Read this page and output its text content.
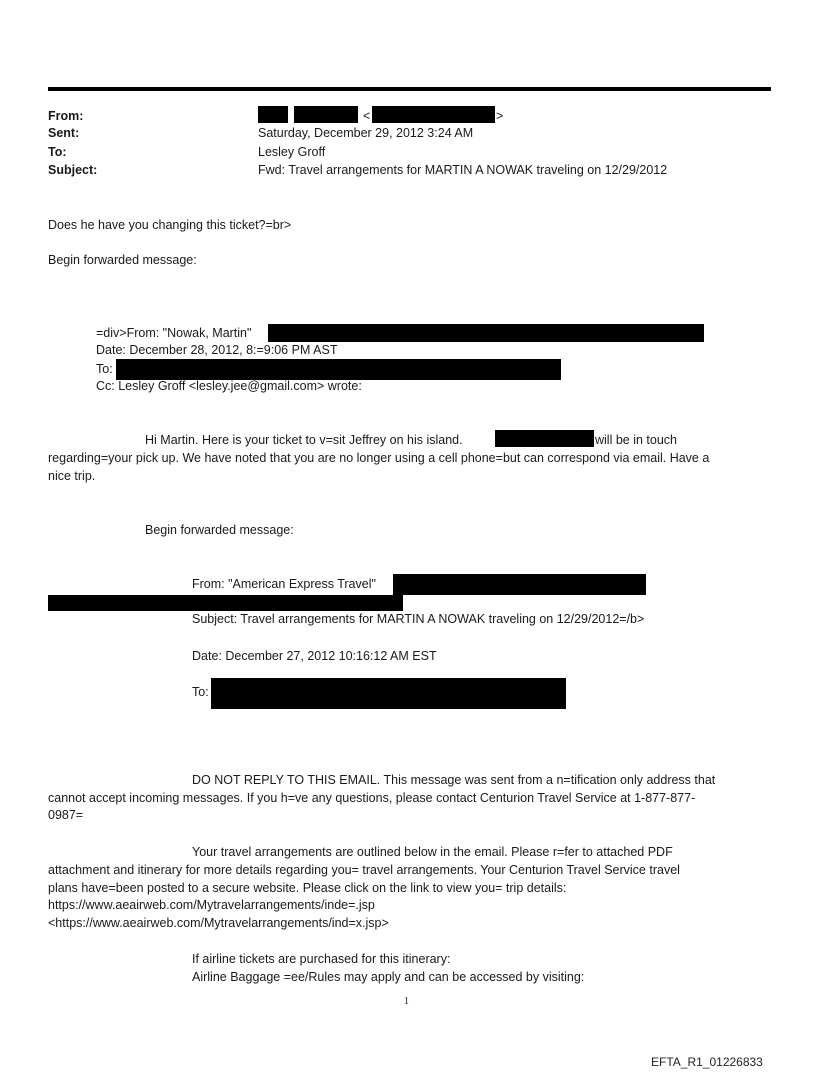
From:	<	>
Sent:	Saturday, December 29, 2012 3:24 AM
To:	Lesley Groff
Subject:	Fwd: Travel arrangements for MARTIN A NOWAK traveling on 12/29/2012
Does he have you changing this ticket?=br>
Begin forwarded message:
=div>From: "Nowak, Martin"
Date: December 28, 2012, 8:=9:06 PM AST
To:
Cc: Lesley Groff <lesley.jee@gmail.com> wrote:
Hi Martin. Here is your ticket to v=sit Jeffrey on his island.	will be in touch
regarding=your pick up. We have noted that you are no longer using a cell phone=but can correspond via email. Have a
nice trip.
Begin forwarded message:
From: "American Express Travel"
Subject: Travel arrangements for MARTIN A NOWAK traveling on 12/29/2012=/b>
Date: December 27, 2012 10:16:12 AM EST
To:
DO NOT REPLY TO THIS EMAIL. This message was sent from a n=tification only address that
cannot accept incoming messages. If you h=ve any questions, please contact Centurion Travel Service at 1-877-877-
0987=
Your travel arrangements are outlined below in the email. Please r=fer to attached PDF
attachment and itinerary for more details regarding you= travel arrangements. Your Centurion Travel Service travel
plans have=been posted to a secure website. Please click on the link to view you= trip details:
https://www.aeairweb.com/Mytravelarrangements/inde=.jsp
<https://www.aeairweb.com/Mytravelarrangements/ind=x.jsp>
If airline tickets are purchased for this itinerary:
Airline Baggage =ee/Rules may apply and can be accessed by visiting:
1
EFTA_R1_01226833
